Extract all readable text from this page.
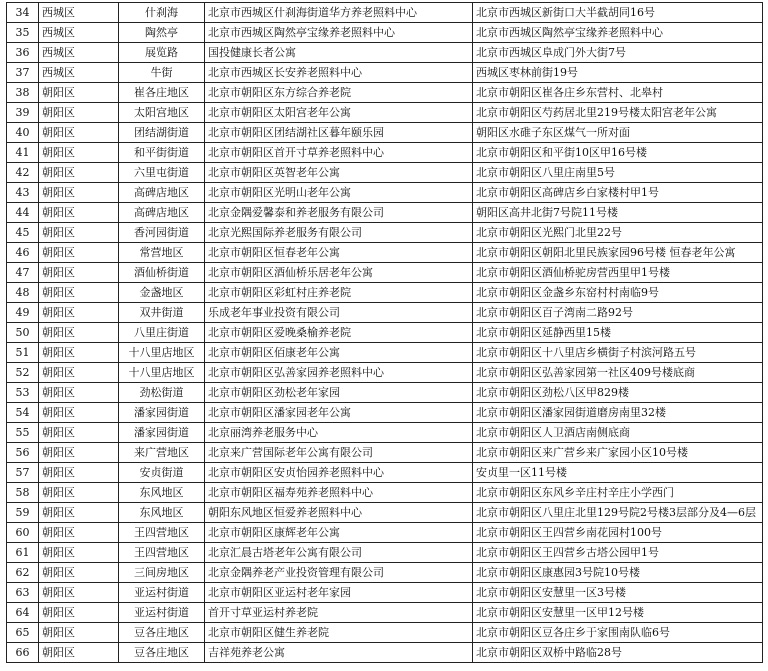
34	西城区	什刹海	北京市西城区什刹海街道华方养老照料中心	北京市西城区新街口大半截胡同16号
35	西城区	陶然亭	北京市西城区陶然亭宝缘养老照料中心	北京市西城区陶然亭宝缘养老照料中心
36	西城区	展览路	国投健康长者公寓	北京市西城区阜成门外大街7号
37	西城区	牛街	北京市西城区长安养老照料中心	西城区枣林前街19号
38	朝阳区	崔各庄地区	北京市朝阳区东方综合养老院	北京市朝阳区崔各庄乡东营村、北皋村
39	朝阳区	太阳宫地区	北京市朝阳区太阳宫老年公寓	北京市朝阳区芍药居北里219号楼太阳宫老年公寓
40	朝阳区	团结湖街道	北京市朝阳区团结湖社区暮年颐乐园	朝阳区水碓子东区煤气一所对面
41	朝阳区	和平街街道	北京市朝阳区首开寸草养老照料中心	北京市朝阳区和平街10区甲16号楼
42	朝阳区	六里屯街道	北京市朝阳区英智老年公寓	北京市朝阳区八里庄南里5号
43	朝阳区	高碑店地区	北京市朝阳区光明山老年公寓	北京市朝阳区高碑店乡白家楼村甲1号
44	朝阳区	高碑店地区	北京金隅爱馨泰和养老服务有限公司	朝阳区高井北街7号院11号楼
45	朝阳区	香河园街道	北京光熙国际养老服务有限公司	北京市朝阳区光熙门北里22号
46	朝阳区	常营地区	北京市朝阳区恒春老年公寓	北京市朝阳区朝阳北里民族家园96号楼 恒春老年公寓
47	朝阳区	酒仙桥街道	北京市朝阳区酒仙桥乐居老年公寓	北京市朝阳区酒仙桥驼房营西里甲1号楼
48	朝阳区	金盏地区	北京市朝阳区彩虹村庄养老院	北京市朝阳区金盏乡东窑村村南临9号
49	朝阳区	双井街道	乐成老年事业投资有限公司	北京市朝阳区百子湾南二路92号
50	朝阳区	八里庄街道	北京市朝阳区爱晚桑榆养老院	北京市朝阳区延静西里15楼
51	朝阳区	十八里店地区	北京市朝阳区佰康老年公寓	北京市朝阳区十八里店乡横街子村滨河路五号
52	朝阳区	十八里店地区	北京市朝阳区弘善家园养老照料中心	北京市朝阳区弘善家园第一社区409号楼底商
53	朝阳区	劲松街道	北京市朝阳区劲松老年家园	北京市朝阳区劲松八区甲829楼
54	朝阳区	潘家园街道	北京市朝阳区潘家园老年公寓	北京市朝阳区潘家园街道磨房南里32楼
55	朝阳区	潘家园街道	北京丽湾养老服务中心	北京市朝阳区人卫酒店南侧底商
56	朝阳区	来广营地区	北京来广营国际老年公寓有限公司	北京市朝阳区来广营乡来广家园小区10号楼
57	朝阳区	安贞街道	北京市朝阳区安贞怡园养老照料中心	安贞里一区11号楼
58	朝阳区	东风地区	北京市朝阳区福寿苑养老照料中心	北京市朝阳区东风乡辛庄村辛庄小学西门
59	朝阳区	东风地区	朝阳东风地区恒爱养老照料中心	北京市朝阳区八里庄北里129号院2号楼3层部分及4—6层
60	朝阳区	王四营地区	北京市朝阳区康辉老年公寓	北京市朝阳区王四营乡南花园村100号
61	朝阳区	王四营地区	北京汇晨古塔老年公寓有限公司	北京市朝阳区王四营乡古塔公园甲1号
62	朝阳区	三间房地区	北京金隅养老产业投资管理有限公司	北京市朝阳区康惠园3号院10号楼
63	朝阳区	亚运村街道	北京市朝阳区亚运村老年家园	北京市朝阳区安慧里一区3号楼
64	朝阳区	亚运村街道	首开寸草亚运村养老院	北京市朝阳区安慧里一区甲12号楼
65	朝阳区	豆各庄地区	北京市朝阳区健生养老院	北京市朝阳区豆各庄乡于家围南队临6号
66	朝阳区	豆各庄地区	吉祥苑养老公寓	北京市朝阳区双桥中路临28号
